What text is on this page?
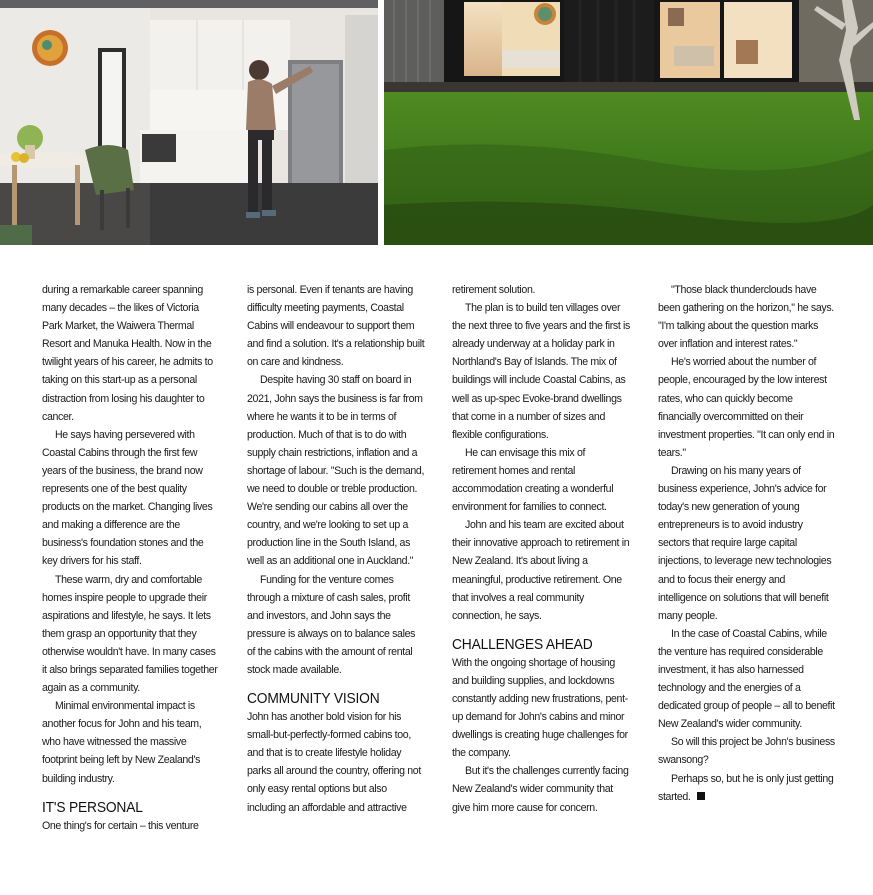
during a remarkable career spanning many decades – the likes of Victoria Park Market, the Waiwera Thermal Resort and Manuka Health. Now in the twilight years of his career, he admits to taking on this start-up as a personal distraction from losing his daughter to cancer.

He says having persevered with Coastal Cabins through the first few years of the business, the brand now represents one of the best quality products on the market. Changing lives and making a difference are the business's foundation stones and the key drivers for his staff.

These warm, dry and comfortable homes inspire people to upgrade their aspirations and lifestyle, he says. It lets them grasp an opportunity that they otherwise wouldn't have. In many cases it also brings separated families together again as a community.

Minimal environmental impact is another focus for John and his team, who have witnessed the massive footprint being left by New Zealand's building industry.

IT'S PERSONAL

One thing's for certain – this venture

is personal. Even if tenants are having difficulty meeting payments, Coastal Cabins will endeavour to support them and find a solution. It's a relationship built on care and kindness.

Despite having 30 staff on board in 2021, John says the business is far from where he wants it to be in terms of production. Much of that is to do with supply chain restrictions, inflation and a shortage of labour. "Such is the demand, we need to double or treble production. We're sending our cabins all over the country, and we're looking to set up a production line in the South Island, as well as an additional one in Auckland."

Funding for the venture comes through a mixture of cash sales, profit and investors, and John says the pressure is always on to balance sales of the cabins with the amount of rental stock made available.

COMMUNITY VISION

John has another bold vision for his small-but-perfectly-formed cabins too, and that is to create lifestyle holiday parks all around the country, offering not only easy rental options but also including an affordable and attractive

retirement solution.

The plan is to build ten villages over the next three to five years and the first is already underway at a holiday park in Northland's Bay of Islands. The mix of buildings will include Coastal Cabins, as well as up-spec Evoke-brand dwellings that come in a number of sizes and flexible configurations.

He can envisage this mix of retirement homes and rental accommodation creating a wonderful environment for families to connect.

John and his team are excited about their innovative approach to retirement in New Zealand. It's about living a meaningful, productive retirement. One that involves a real community connection, he says.

CHALLENGES AHEAD

With the ongoing shortage of housing and building supplies, and lockdowns constantly adding new frustrations, pent-up demand for John's cabins and minor dwellings is creating huge challenges for the company.

But it's the challenges currently facing New Zealand's wider community that give him more cause for concern.

"Those black thunderclouds have been gathering on the horizon," he says. "I'm talking about the question marks over inflation and interest rates."

He's worried about the number of people, encouraged by the low interest rates, who can quickly become financially overcommitted on their investment properties. "It can only end in tears."

Drawing on his many years of business experience, John's advice for today's new generation of young entrepreneurs is to avoid industry sectors that require large capital injections, to leverage new technologies and to focus their energy and intelligence on solutions that will benefit many people.

In the case of Coastal Cabins, while the venture has required considerable investment, it has also harnessed technology and the energies of a dedicated group of people – all to benefit New Zealand's wider community.

So will this project be John's business swansong?

Perhaps so, but he is only just getting started.
